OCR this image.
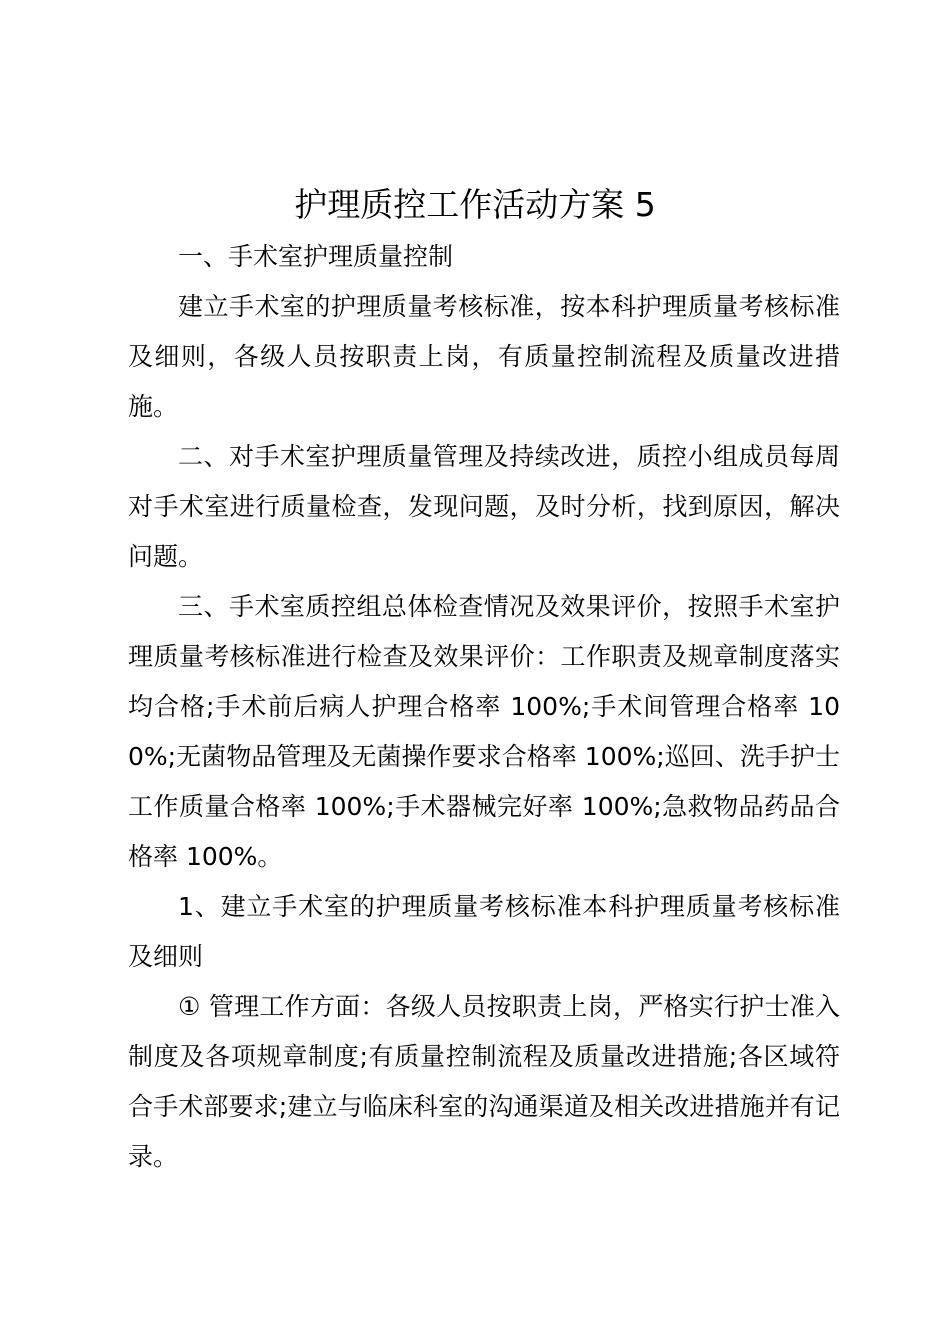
护理质控工作活动方案 5

一、手术室护理质量控制

建立手术室的护理质量考核标准，按本科护理质量考核标准及细则，各级人员按职责上岗，有质量控制流程及质量改进措施。

二、对手术室护理质量管理及持续改进，质控小组成员每周对手术室进行质量检查，发现问题，及时分析，找到原因，解决问题。

三、手术室质控组总体检查情况及效果评价，按照手术室护理质量考核标准进行检查及效果评价：工作职责及规章制度落实均合格;手术前后病人护理合格率 100%;手术间管理合格率 100%;无菌物品管理及无菌操作要求合格率 100%;巡回、洗手护士工作质量合格率 100%;手术器械完好率 100%;急救物品药品合格率 100%。

1、建立手术室的护理质量考核标准本科护理质量考核标准及细则

① 管理工作方面：各级人员按职责上岗，严格实行护士准入制度及各项规章制度;有质量控制流程及质量改进措施;各区域符合手术部要求;建立与临床科室的沟通渠道及相关改进措施并有记录。
